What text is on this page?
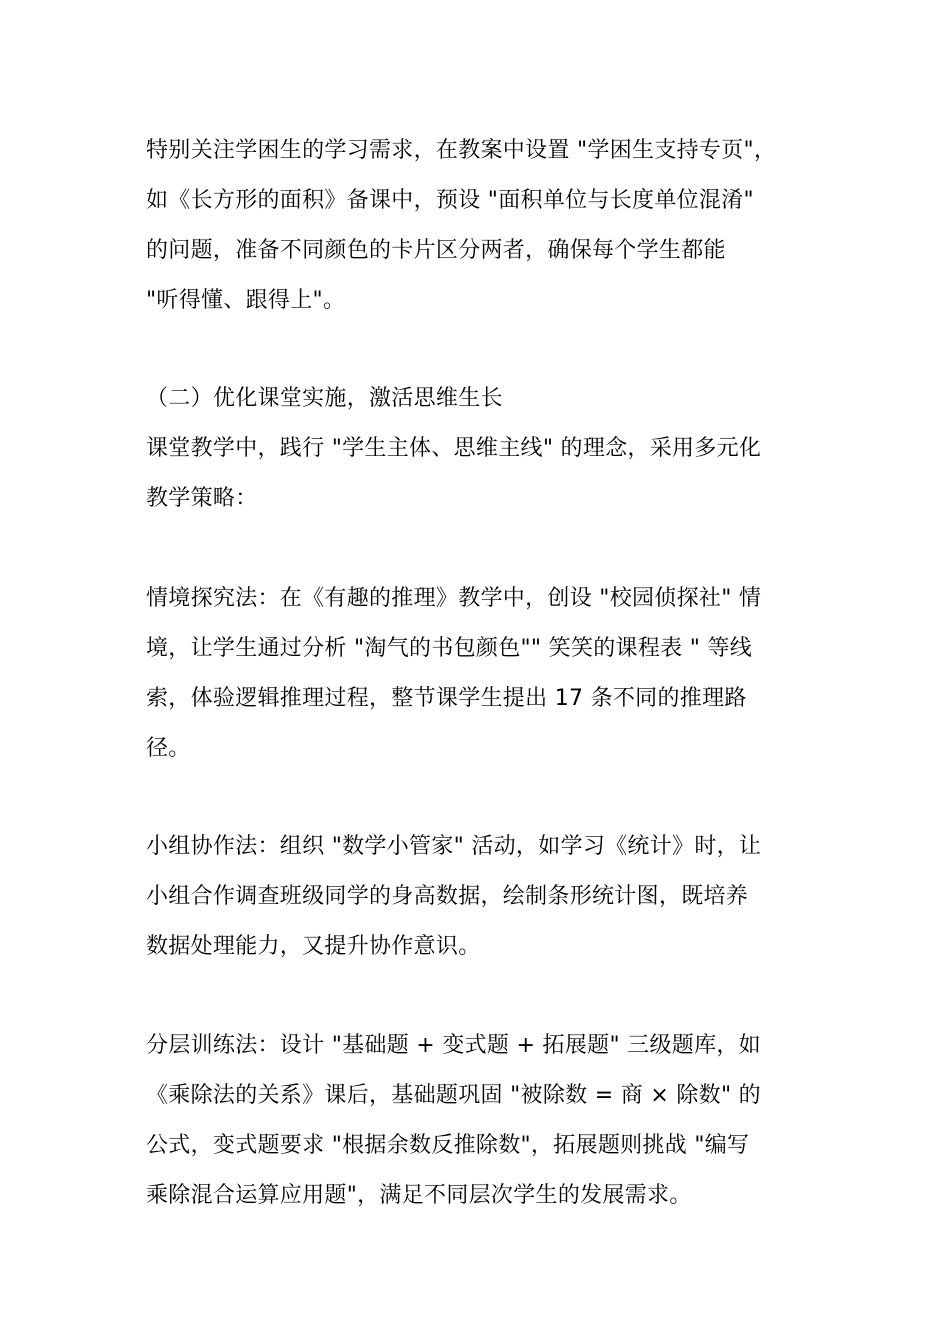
特别关注学困生的学习需求，在教案中设置 "学困生支持专页"，
如《长方形的面积》备课中，预设 "面积单位与长度单位混淆"
的问题，准备不同颜色的卡片区分两者，确保每个学生都能
"听得懂、跟得上"。
（二）优化课堂实施，激活思维生长
课堂教学中，践行 "学生主体、思维主线" 的理念，采用多元化
教学策略：
情境探究法：在《有趣的推理》教学中，创设 "校园侦探社" 情
境，让学生通过分析 "淘气的书包颜色"" 笑笑的课程表 " 等线
索，体验逻辑推理过程，整节课学生提出 17 条不同的推理路
径。
小组协作法：组织 "数学小管家" 活动，如学习《统计》时，让
小组合作调查班级同学的身高数据，绘制条形统计图，既培养
数据处理能力，又提升协作意识。
分层训练法：设计 "基础题 + 变式题 + 拓展题" 三级题库，如
《乘除法的关系》课后，基础题巩固 "被除数 = 商 × 除数" 的
公式，变式题要求 "根据余数反推除数"，拓展题则挑战 "编写
乘除混合运算应用题"，满足不同层次学生的发展需求。
